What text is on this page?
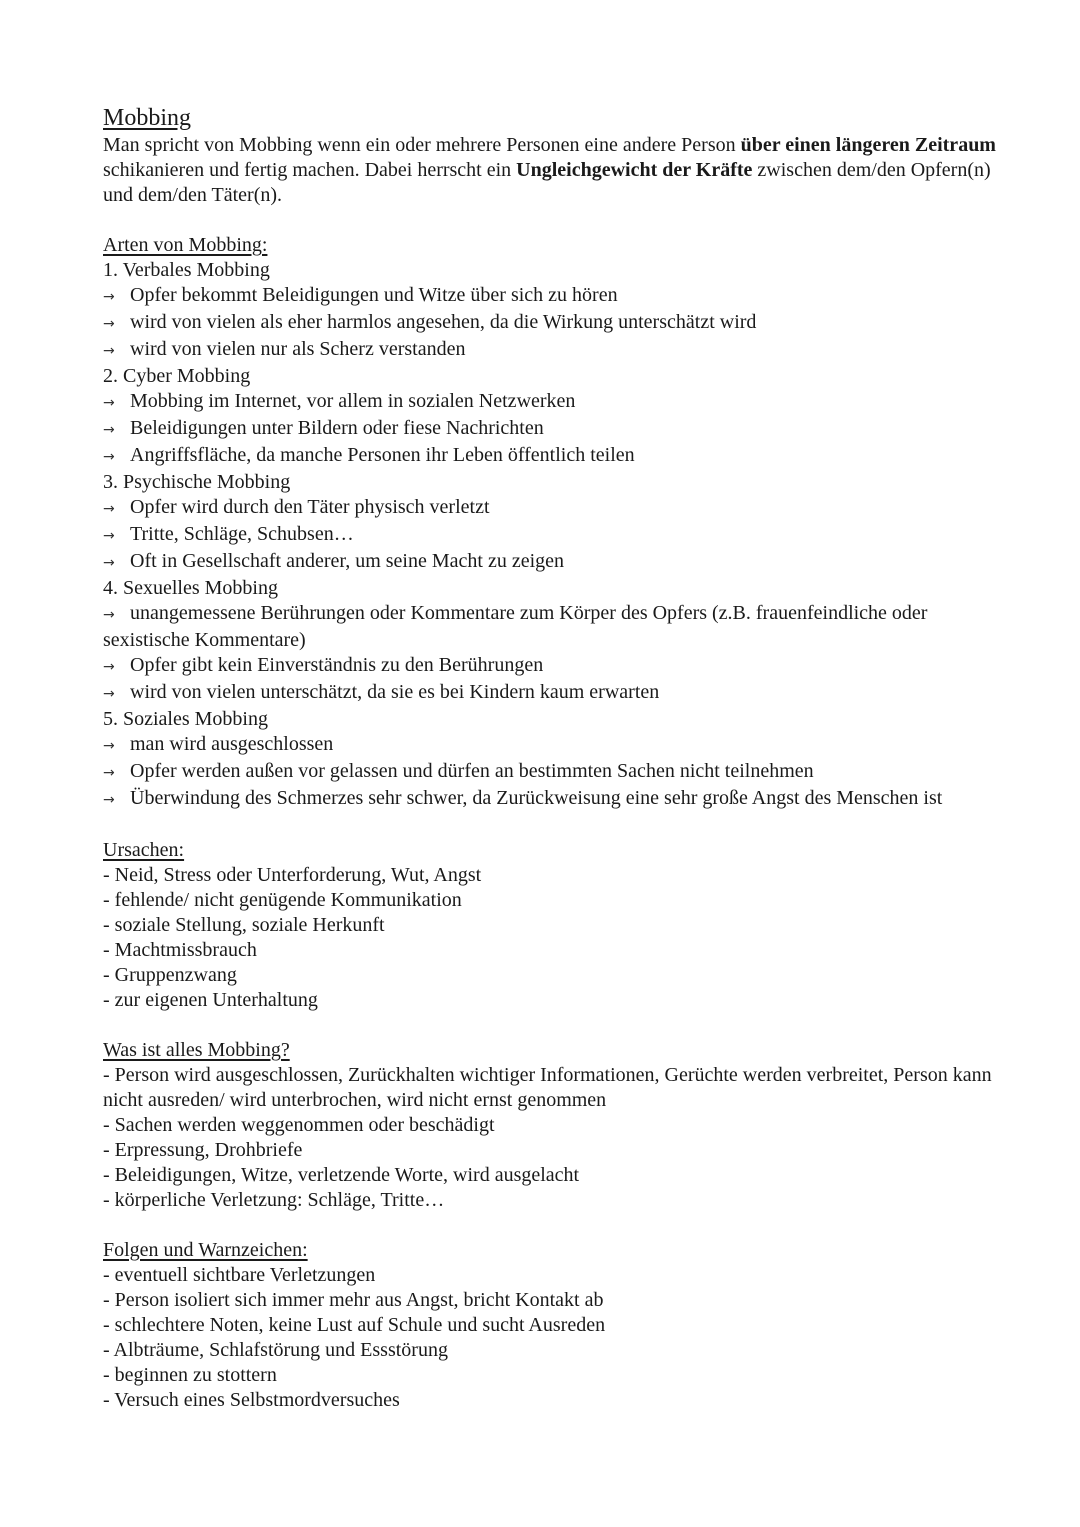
Mobbing
Man spricht von Mobbing wenn ein oder mehrere Personen eine andere Person über einen längeren Zeitraum schikanieren und fertig machen. Dabei herrscht ein Ungleichgewicht der Kräfte zwischen dem/den Opfern(n) und dem/den Täter(n).
Arten von Mobbing:
1. Verbales Mobbing
→ Opfer bekommt Beleidigungen und Witze über sich zu hören
→ wird von vielen als eher harmlos angesehen, da die Wirkung unterschätzt wird
→ wird von vielen nur als Scherz verstanden
2. Cyber Mobbing
→ Mobbing im Internet, vor allem in sozialen Netzwerken
→ Beleidigungen unter Bildern oder fiese Nachrichten
→ Angriffsfläche, da manche Personen ihr Leben öffentlich teilen
3. Psychische Mobbing
→ Opfer wird durch den Täter physisch verletzt
→ Tritte, Schläge, Schubsen…
→ Oft in Gesellschaft anderer, um seine Macht zu zeigen
4. Sexuelles Mobbing
→ unangemessene Berührungen oder Kommentare zum Körper des Opfers (z.B. frauenfeindliche oder sexistische Kommentare)
→ Opfer gibt kein Einverständnis zu den Berührungen
→ wird von vielen unterschätzt, da sie es bei Kindern kaum erwarten
5. Soziales Mobbing
→ man wird ausgeschlossen
→ Opfer werden außen vor gelassen und dürfen an bestimmten Sachen nicht teilnehmen
→ Überwindung des Schmerzes sehr schwer, da Zurückweisung eine sehr große Angst des Menschen ist
Ursachen:
- Neid, Stress oder Unterforderung, Wut, Angst
- fehlende/ nicht genügende Kommunikation
- soziale Stellung, soziale Herkunft
- Machtmissbrauch
- Gruppenzwang
- zur eigenen Unterhaltung
Was ist alles Mobbing?
- Person wird ausgeschlossen, Zurückhalten wichtiger Informationen, Gerüchte werden verbreitet, Person kann nicht ausreden/ wird unterbrochen, wird nicht ernst genommen
- Sachen werden weggenommen oder beschädigt
- Erpressung, Drohbriefe
- Beleidigungen, Witze, verletzende Worte, wird ausgelacht
- körperliche Verletzung: Schläge, Tritte…
Folgen und Warnzeichen:
- eventuell sichtbare Verletzungen
- Person isoliert sich immer mehr aus Angst, bricht Kontakt ab
- schlechtere Noten, keine Lust auf Schule und sucht Ausreden
- Albträume, Schlafstörung und Essstörung
- beginnen zu stottern
- Versuch eines Selbstmordversuches
